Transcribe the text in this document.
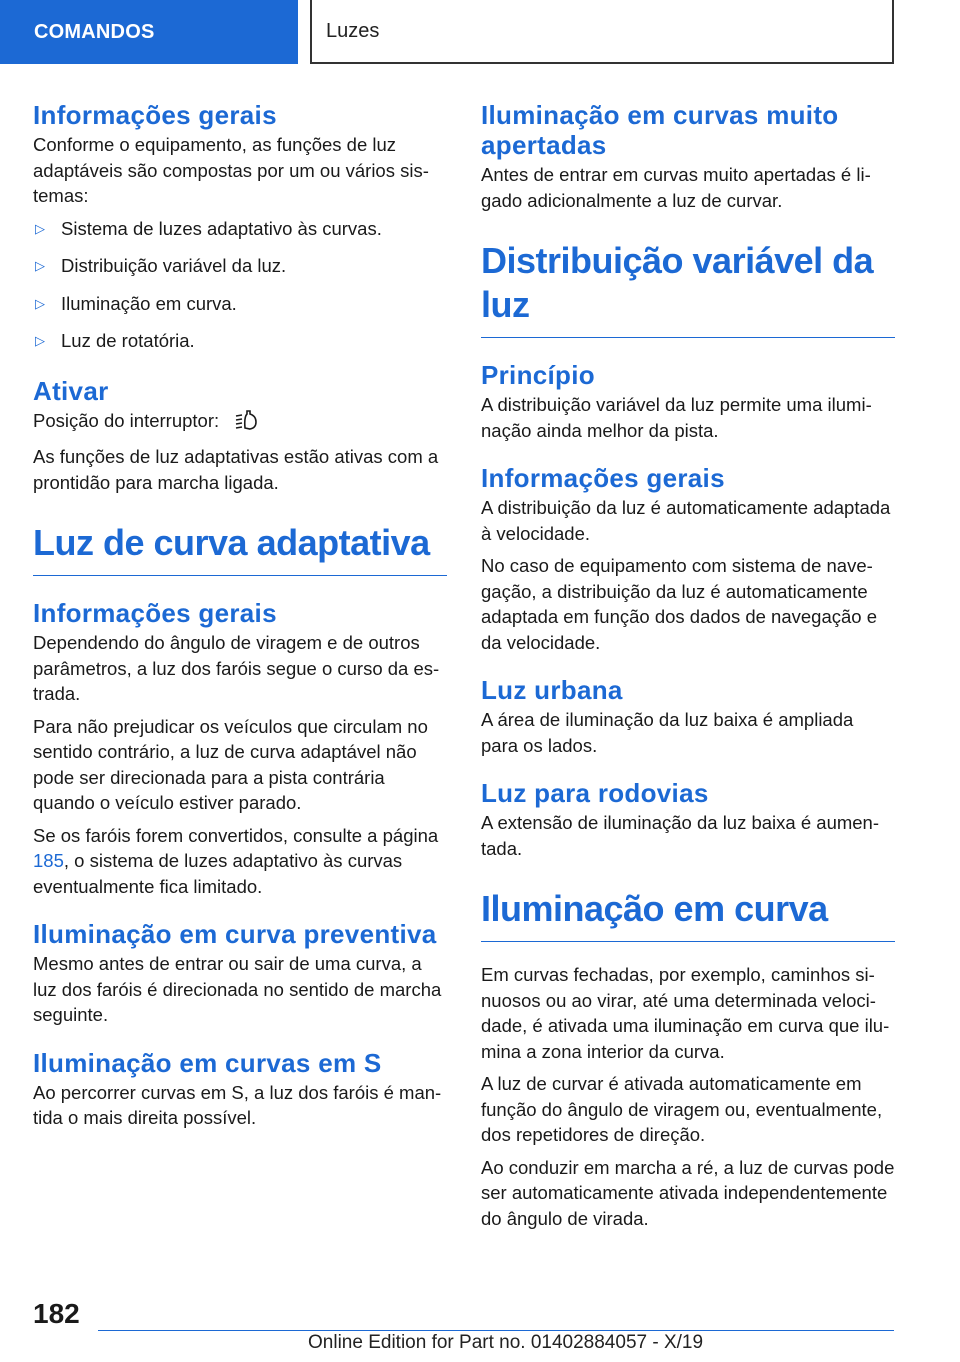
COMANDOS	Luzes
Informações gerais

Conforme o equipamento, as funções de luz adaptáveis são compostas por um ou vários sistemas:

▷ Sistema de luzes adaptativo às curvas.
▷ Distribuição variável da luz.
▷ Iluminação em curva.
▷ Luz de rotatória.
Ativar

Posição do interruptor:

As funções de luz adaptativas estão ativas com a prontidão para marcha ligada.

Luz de curva adaptativa
Informações gerais

Dependendo do ângulo de viragem e de outros parâmetros, a luz dos faróis segue o curso da estrada.

Para não prejudicar os veículos que circulam no sentido contrário, a luz de curva adaptável não pode ser direcionada para a pista contrária quando o veículo estiver parado.

Se os faróis forem convertidos, consulte a página 185, o sistema de luzes adaptativo às curvas eventualmente fica limitado.

Iluminação em curva preventiva

Mesmo antes de entrar ou sair de uma curva, a luz dos faróis é direcionada no sentido de marcha seguinte.

Iluminação em curvas em S

Ao percorrer curvas em S, a luz dos faróis é mantida o mais direita possível.

Iluminação em curvas muito apertadas

Antes de entrar em curvas muito apertadas é ligado adicionalmente a luz de curvar.

Distribuição variável da luz
Princípio

A distribuição variável da luz permite uma iluminação ainda melhor da pista.

Informações gerais

A distribuição da luz é automaticamente adaptada à velocidade.

No caso de equipamento com sistema de navegação, a distribuição da luz é automaticamente adaptada em função dos dados de navegação e da velocidade.

Luz urbana

A área de iluminação da luz baixa é ampliada para os lados.

Luz para rodovias

A extensão de iluminação da luz baixa é aumentada.

Iluminação em curva

Em curvas fechadas, por exemplo, caminhos sinuosos ou ao virar, até uma determinada velocidade, é ativada uma iluminação em curva que ilumina a zona interior da curva.

A luz de curvar é ativada automaticamente em função do ângulo de viragem ou, eventualmente, dos repetidores de direção.

Ao conduzir em marcha a ré, a luz de curvas pode ser automaticamente ativada independentemente do ângulo de virada.

182
Online Edition for Part no. 01402884057 - X/19
